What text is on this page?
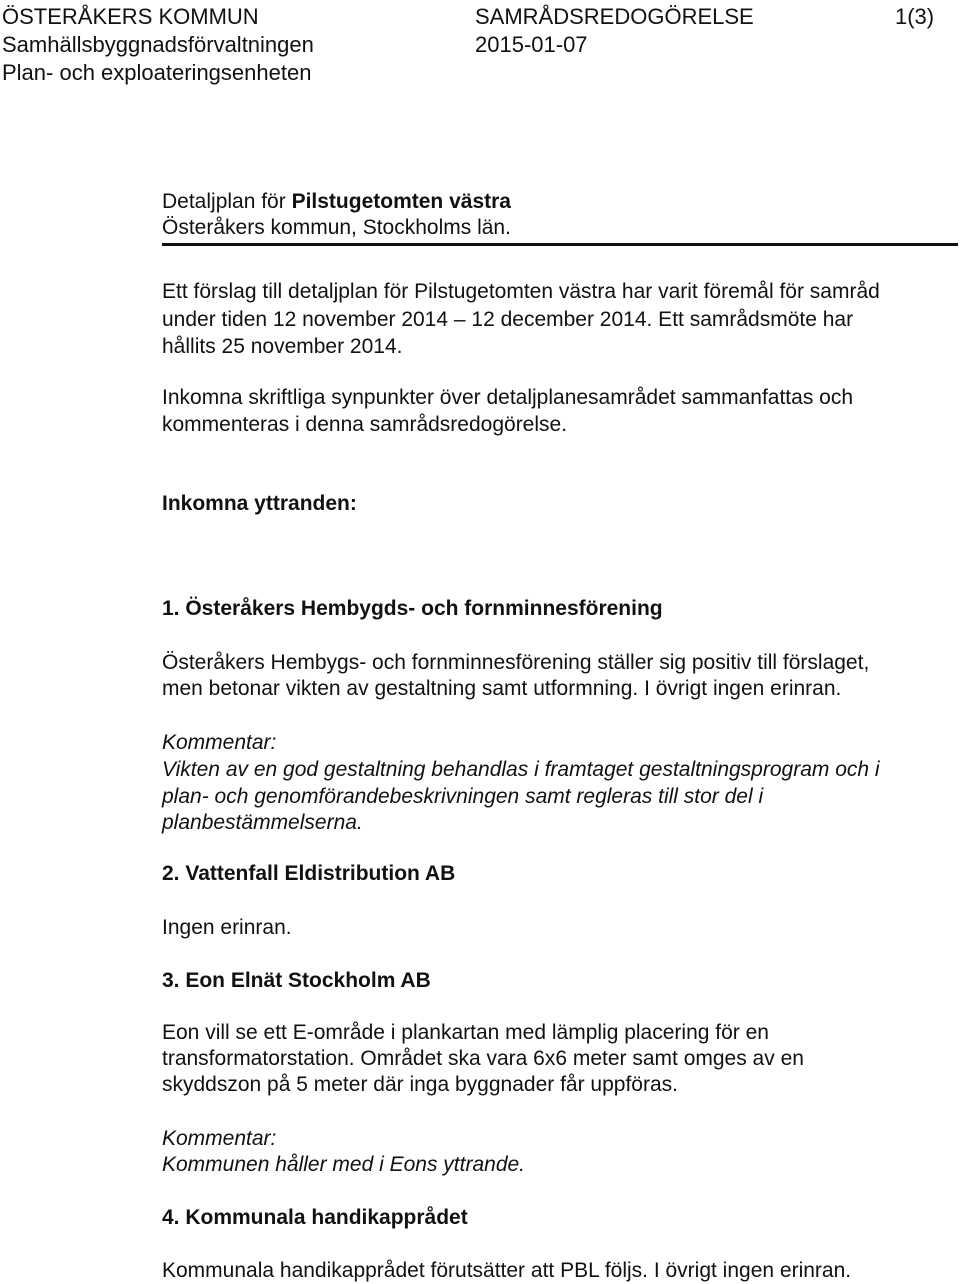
ÖSTERÅKERS KOMMUN
Samhällsbyggnadsförvaltningen
Plan- och exploateringsenheten
SAMRÅDSREDOGÖRELSE
2015-01-07
1(3)
Detaljplan för Pilstugetomten västra
Österåkers kommun, Stockholms län.
Ett förslag till detaljplan för Pilstugetomten västra har varit föremål för samråd
under tiden 12 november 2014 – 12 december 2014. Ett samrådsmöte har
hållits 25 november 2014.
Inkomna skriftliga synpunkter över detaljplanesamrådet sammanfattas och
kommenteras i denna samrådsredogörelse.
Inkomna yttranden:
1. Österåkers Hembygds- och fornminnesförening
Österåkers Hembygs- och fornminnesförening ställer sig positiv till förslaget,
men betonar vikten av gestaltning samt utformning. I övrigt ingen erinran.
Kommentar:
Vikten av en god gestaltning behandlas i framtaget gestaltningsprogram och i
plan- och genomförandebeskrivningen samt regleras till stor del i
planbestämmelserna.
2. Vattenfall Eldistribution AB
Ingen erinran.
3. Eon Elnät Stockholm AB
Eon vill se ett E-område i plankartan med lämplig placering för en
transformatorstation. Området ska vara 6x6 meter samt omges av en
skyddszon på 5 meter där inga byggnader får uppföras.
Kommentar:
Kommunen håller med i Eons yttrande.
4. Kommunala handikapprådet
Kommunala handikapprådet förutsätter att PBL följs. I övrigt ingen erinran.
